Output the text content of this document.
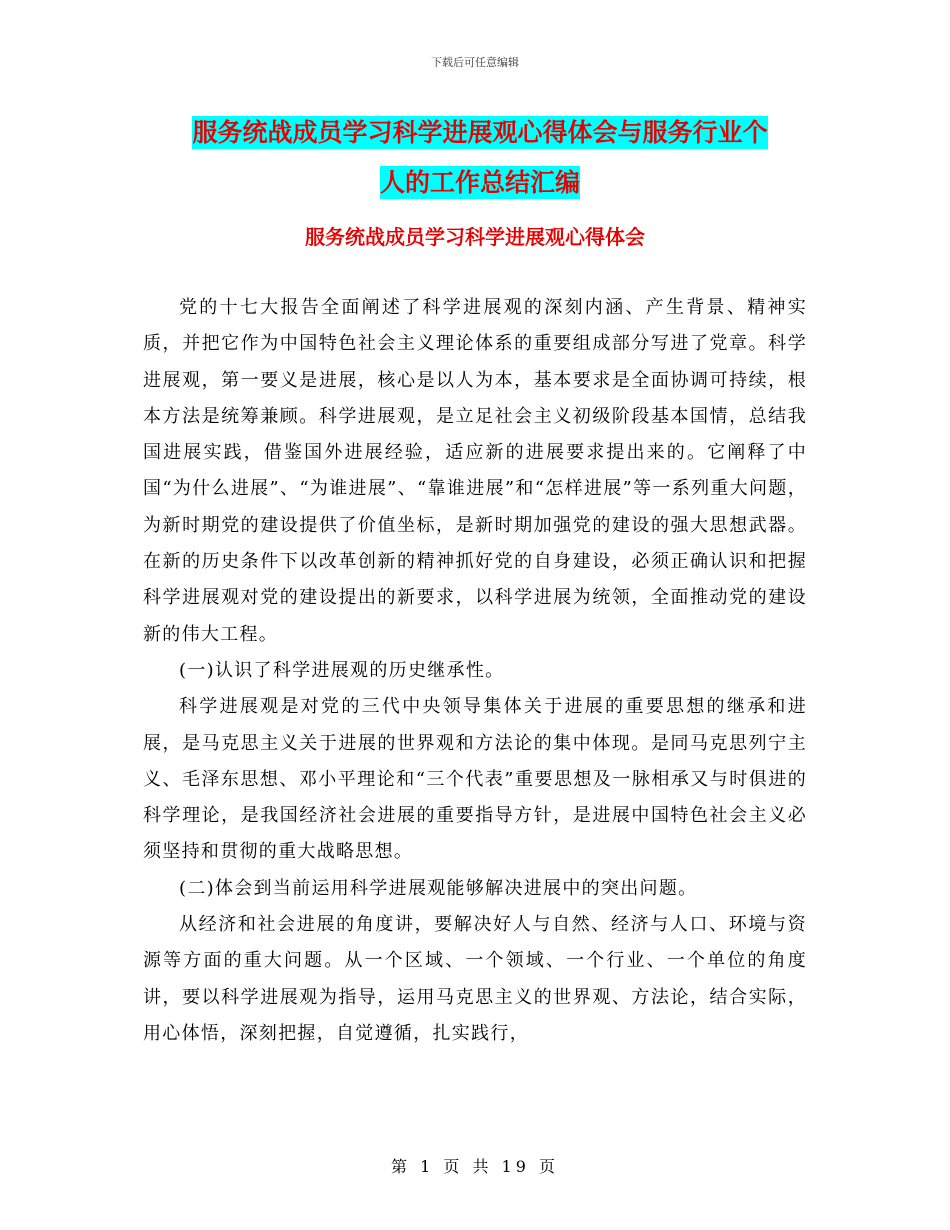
下载后可任意编辑
服务统战成员学习科学进展观心得体会与服务行业个
人的工作总结汇编
服务统战成员学习科学进展观心得体会

党的十七大报告全面阐述了科学进展观的深刻内涵、产生背景、精神实质，并把它作为中国特色社会主义理论体系的重要组成部分写进了党章。科学进展观，第一要义是进展，核心是以人为本，基本要求是全面协调可持续，根本方法是统筹兼顾。科学进展观，是立足社会主义初级阶段基本国情，总结我国进展实践，借鉴国外进展经验，适应新的进展要求提出来的。它阐释了中国“为什么进展”、“为谁进展”、“靠谁进展”和“怎样进展”等一系列重大问题，为新时期党的建设提供了价值坐标，是新时期加强党的建设的强大思想武器。在新的历史条件下以改革创新的精神抓好党的自身建设，必须正确认识和把握科学进展观对党的建设提出的新要求，以科学进展为统领，全面推动党的建设新的伟大工程。

(一)认识了科学进展观的历史继承性。

科学进展观是对党的三代中央领导集体关于进展的重要思想的继承和进展，是马克思主义关于进展的世界观和方法论的集中体现。是同马克思列宁主义、毛泽东思想、邓小平理论和“三个代表”重要思想及一脉相承又与时俱进的科学理论，是我国经济社会进展的重要指导方针，是进展中国特色社会主义必须坚持和贯彻的重大战略思想。

(二)体会到当前运用科学进展观能够解决进展中的突出问题。

从经济和社会进展的角度讲，要解决好人与自然、经济与人口、环境与资源等方面的重大问题。从一个区域、一个领域、一个行业、一个单位的角度讲，要以科学进展观为指导，运用马克思主义的世界观、方法论，结合实际，用心体悟，深刻把握，自觉遵循，扎实践行，

第 1 页 共 19 页
